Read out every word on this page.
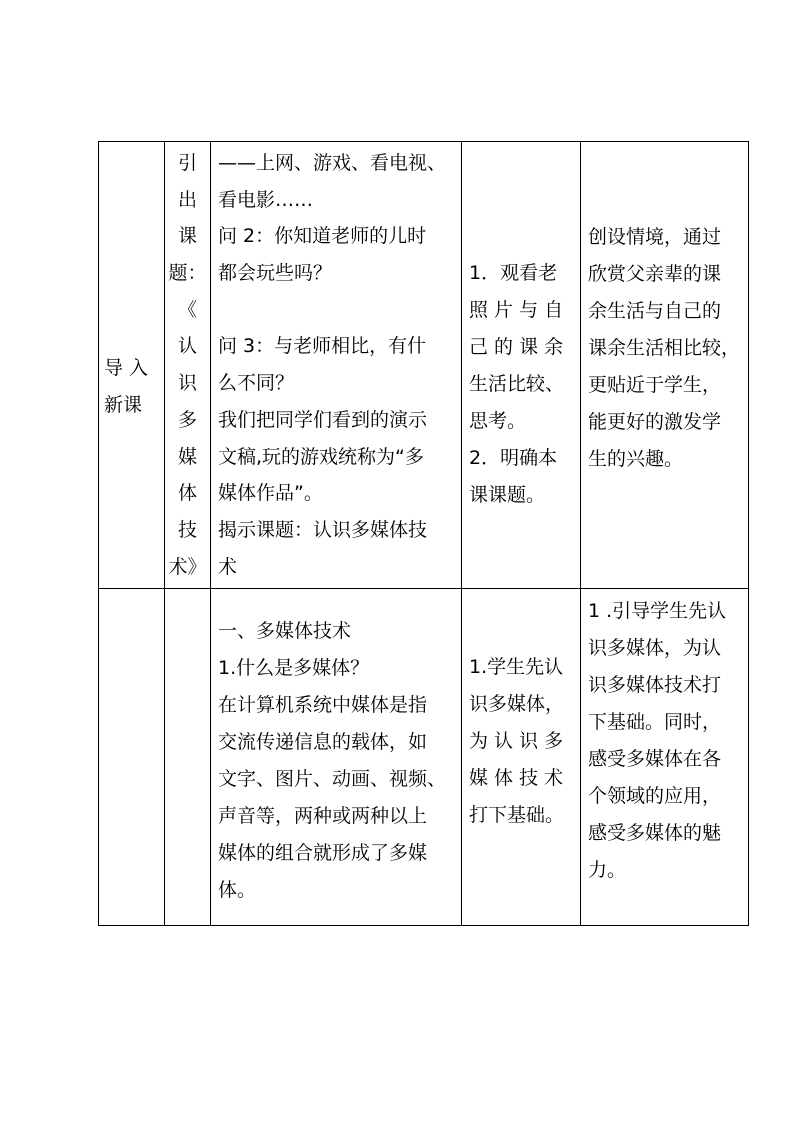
导 入
新课
引
出
课
题：
《
认
识
多
媒
体
技
术》
——上网、游戏、看电视、
看电影……
问 2：你知道老师的儿时
都会玩些吗？
问 3：与老师相比，有什
么不同？
我们把同学们看到的演示
文稿,玩的游戏统称为“多
媒体作品”。
揭示课题：认识多媒体技
术
1．观看老
照 片 与 自
己 的 课 余
生活比较、
思考。
2．明确本
课课题。
创设情境，通过
欣赏父亲辈的课
余生活与自己的
课余生活相比较，
更贴近于学生，
能更好的激发学
生的兴趣。
一、多媒体技术
1.什么是多媒体？
在计算机系统中媒体是指
交流传递信息的载体，如
文字、图片、动画、视频、
声音等，两种或两种以上
媒体的组合就形成了多媒
体。
1.学生先认
识多媒体，
为 认 识 多
媒 体 技 术
打下基础。
1 .引导学生先认
识多媒体，为认
识多媒体技术打
下基础。同时，
感受多媒体在各
个领域的应用，
感受多媒体的魅
力。
